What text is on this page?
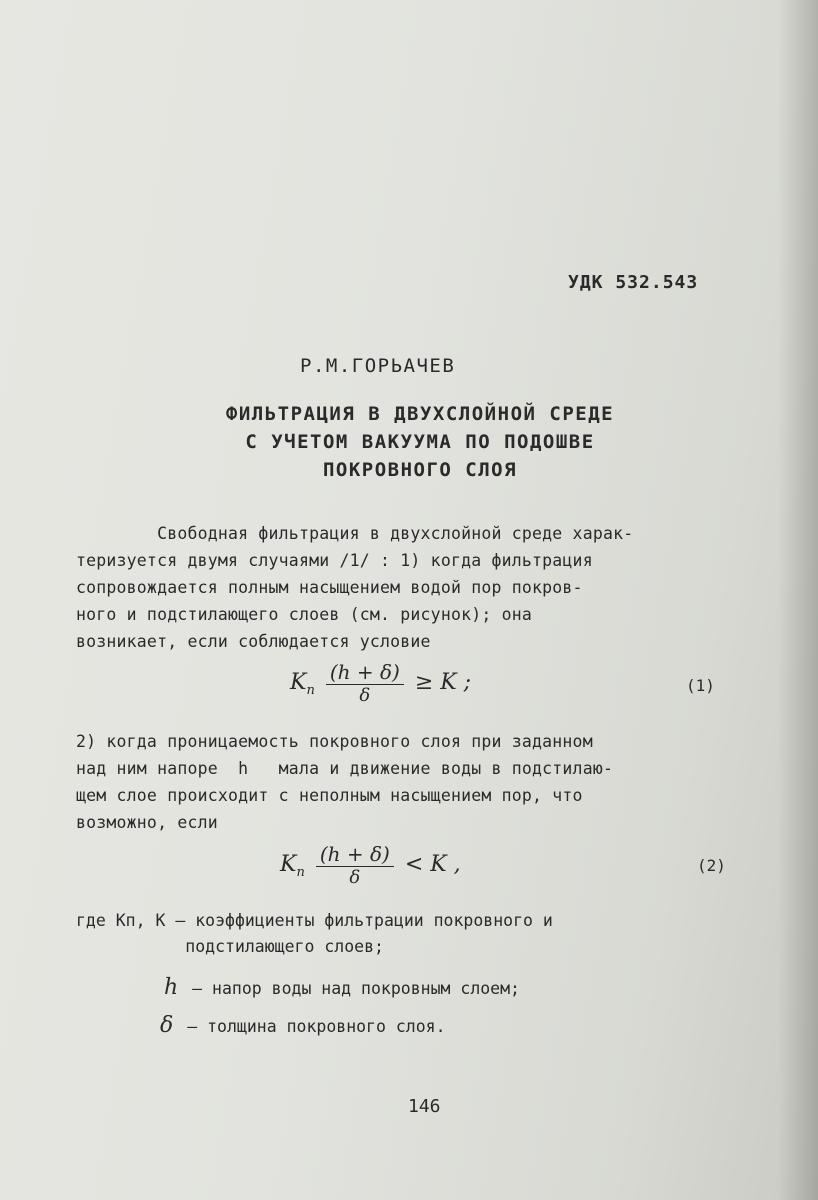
УДК 532.543
Р.М.ГОРЬАЧЕВ
ФИЛЬТРАЦИЯ В ДВУХСЛОЙНОЙ СРЕДЕ
С УЧЕТОМ ВАКУУМА ПО ПОДОШВЕ
ПОКРОВНОГО СЛОЯ
Свободная фильтрация в двухслойной среде харак-
теризуется двумя случаями /1/ : 1) когда фильтрация
сопровождается полным насыщением водой пор покров-
ного и подстилающего слоев (см. рисунок); она
возникает, если соблюдается условие
$K_п \frac{(h + \delta)}{\delta} \ge K$ ;	(1)
2) когда проницаемость покровного слоя при заданном
над ним напоре  h   мала и движение воды в подстилаю-
щем слое происходит с неполным насыщением пор, что
возможно, если
$K_п \frac{(h + \delta)}{\delta} < K$ ,	(2)
где Kп, K – коэффициенты фильтрации покровного и
подстилающего слоев;
h – напор воды над покровным слоем;
δ – толщина покровного слоя.
146
